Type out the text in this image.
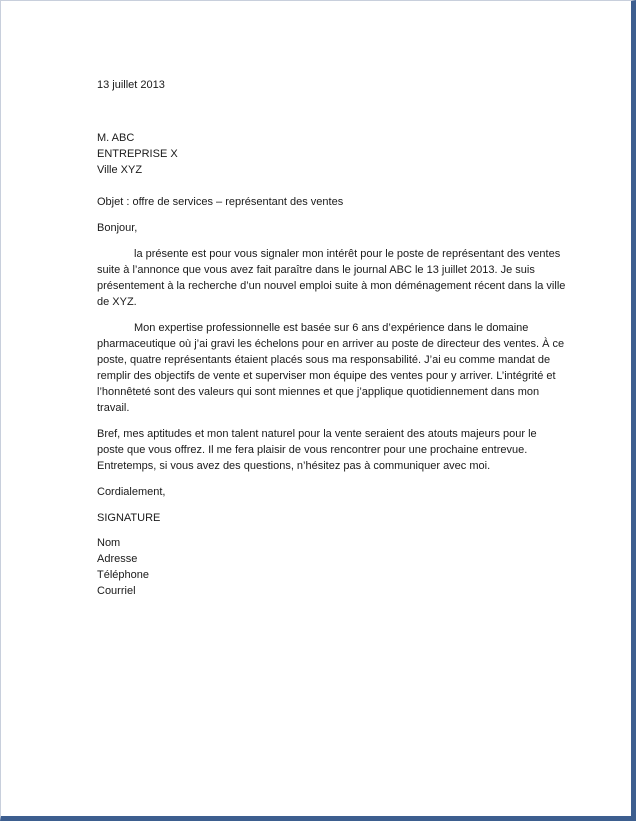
13 juillet 2013
M. ABC
ENTREPRISE X
Ville XYZ
Objet : offre de services – représentant des ventes
Bonjour,
la présente est pour vous signaler mon intérêt pour le poste de représentant des ventes
suite à l’annonce que vous avez fait paraître dans le journal ABC le 13 juillet 2013. Je suis
présentement à la recherche d’un nouvel emploi suite à mon déménagement récent dans la ville
de XYZ.
Mon expertise professionnelle est basée sur 6 ans d’expérience dans le domaine
pharmaceutique où j’ai gravi les échelons pour en arriver au poste de directeur des ventes. À ce
poste, quatre représentants étaient placés sous ma responsabilité. J’ai eu comme mandat de
remplir des objectifs de vente et superviser mon équipe des ventes pour y arriver. L’intégrité et
l’honnêteté sont des valeurs qui sont miennes et que j’applique quotidiennement dans mon
travail.
Bref, mes aptitudes et mon talent naturel pour la vente seraient des atouts majeurs pour le
poste que vous offrez. Il me fera plaisir de vous rencontrer pour une prochaine entrevue.
Entretemps, si vous avez des questions, n’hésitez pas à communiquer avec moi.
Cordialement,
SIGNATURE
Nom
Adresse
Téléphone
Courriel
